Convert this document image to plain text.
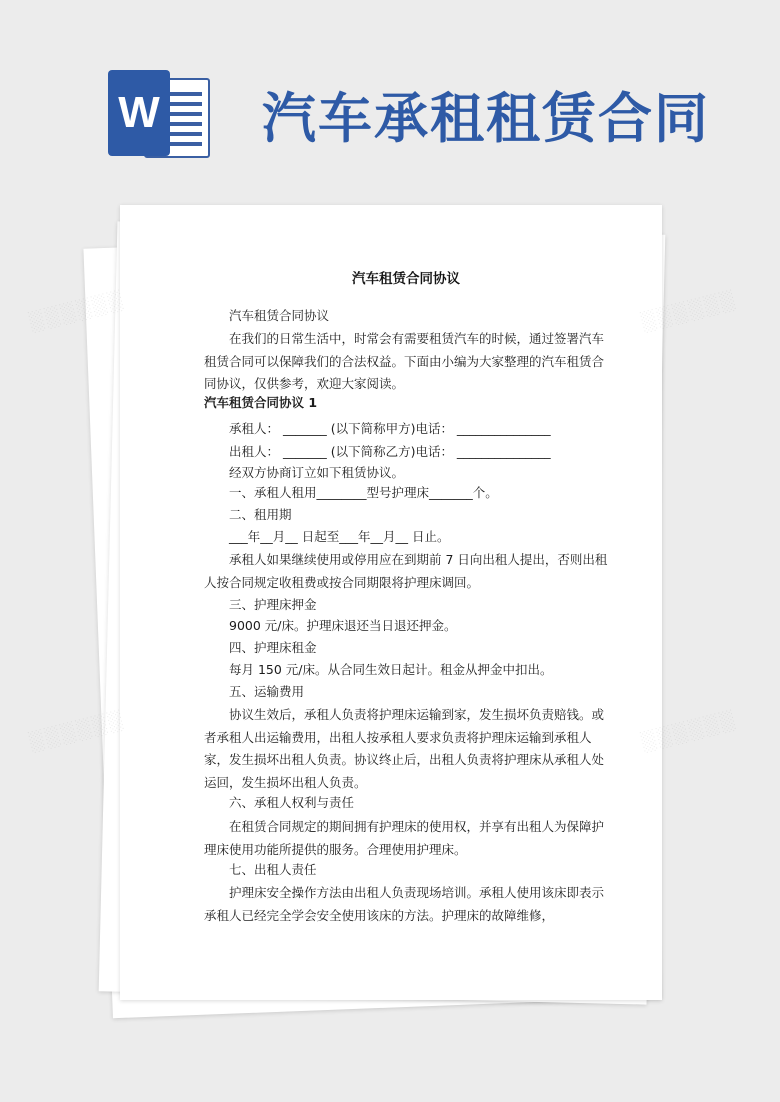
W 汽车承租租赁合同

汽车租赁合同协议

汽车租赁合同协议

在我们的日常生活中，时常会有需要租赁汽车的时候，通过签署汽车租赁合同可以保障我们的合法权益。下面由小编为大家整理的汽车租赁合同协议，仅供参考，欢迎大家阅读。

汽车租赁合同协议 1

承租人： _______ (以下简称甲方)电话： _______________

出租人： _______ (以下简称乙方)电话： _______________

经双方协商订立如下租赁协议。

一、承租人租用________型号护理床_______个。

二、租用期

___年__月__ 日起至___年__月__ 日止。

承租人如果继续使用或停用应在到期前 7 日向出租人提出，否则出租人按合同规定收租费或按合同期限将护理床调回。

三、护理床押金

9000 元/床。护理床退还当日退还押金。

四、护理床租金

每月 150 元/床。从合同生效日起计。租金从押金中扣出。

五、运输费用

协议生效后，承租人负责将护理床运输到家，发生损坏负责赔钱。或者承租人出运输费用，出租人按承租人要求负责将护理床运输到承租人家，发生损坏出租人负责。协议终止后，出租人负责将护理床从承租人处运回，发生损坏出租人负责。

六、承租人权利与责任

在租赁合同规定的期间拥有护理床的使用权，并享有出租人为保障护理床使用功能所提供的服务。合理使用护理床。

七、出租人责任

护理床安全操作方法由出租人负责现场培训。承租人使用该床即表示承租人已经完全学会安全使用该床的方法。护理床的故障维修，

░░░░░░	░░░░░░
░░░░░░	░░░░░░
